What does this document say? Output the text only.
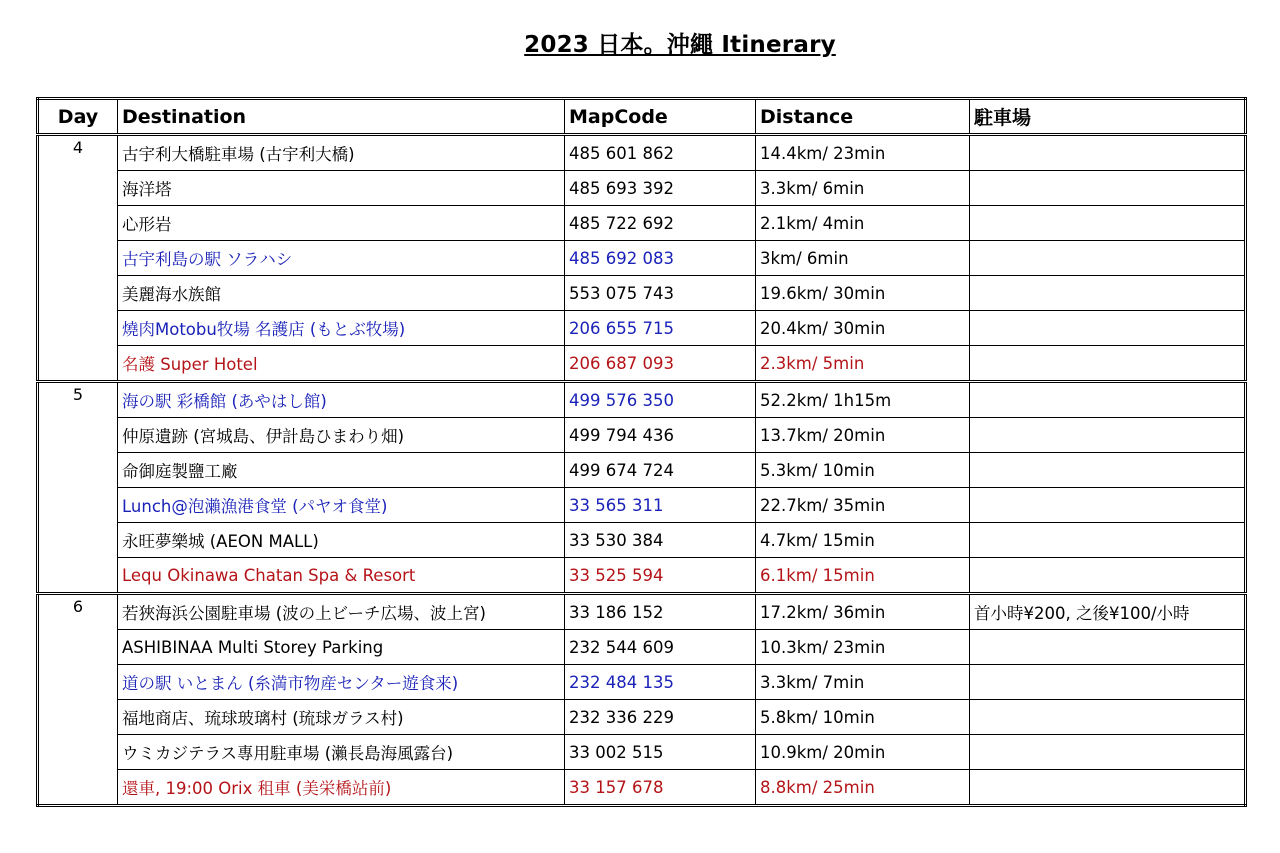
2023 日本。沖繩 Itinerary
Day	Destination	MapCode	Distance	駐車場
4	古宇利大橋駐車場 (古宇利大橋)	485 601 862	14.4km/ 23min	
	海洋塔	485 693 392	3.3km/ 6min	
	心形岩	485 722 692	2.1km/ 4min	
	古宇利島の駅 ソラハシ	485 692 083	3km/ 6min	
	美麗海水族館	553 075 743	19.6km/ 30min	
	燒肉Motobu牧場 名護店 (もとぶ牧場)	206 655 715	20.4km/ 30min	
	名護 Super Hotel	206 687 093	2.3km/ 5min	
5	海の駅 彩橋館 (あやはし館)	499 576 350	52.2km/ 1h15m	
	仲原遺跡 (宮城島、伊計島ひまわり畑)	499 794 436	13.7km/ 20min	
	命御庭製鹽工廠	499 674 724	5.3km/ 10min	
	Lunch@泡瀨漁港食堂 (パヤオ食堂)	33 565 311	22.7km/ 35min	
	永旺夢樂城 (AEON MALL)	33 530 384	4.7km/ 15min	
	Lequ Okinawa Chatan Spa & Resort	33 525 594	6.1km/ 15min	
6	若狹海浜公園駐車場 (波の上ビーチ広場、波上宮)	33 186 152	17.2km/ 36min	首小時¥200, 之後¥100/小時
	ASHIBINAA Multi Storey Parking	232 544 609	10.3km/ 23min	
	道の駅 いとまん (糸満市物産センター遊食来)	232 484 135	3.3km/ 7min	
	福地商店、琉球玻璃村 (琉球ガラス村)	232 336 229	5.8km/ 10min	
	ウミカジテラス專用駐車場 (瀨長島海風露台)	33 002 515	10.9km/ 20min	
	還車, 19:00 Orix 租車 (美栄橋站前)	33 157 678	8.8km/ 25min	
